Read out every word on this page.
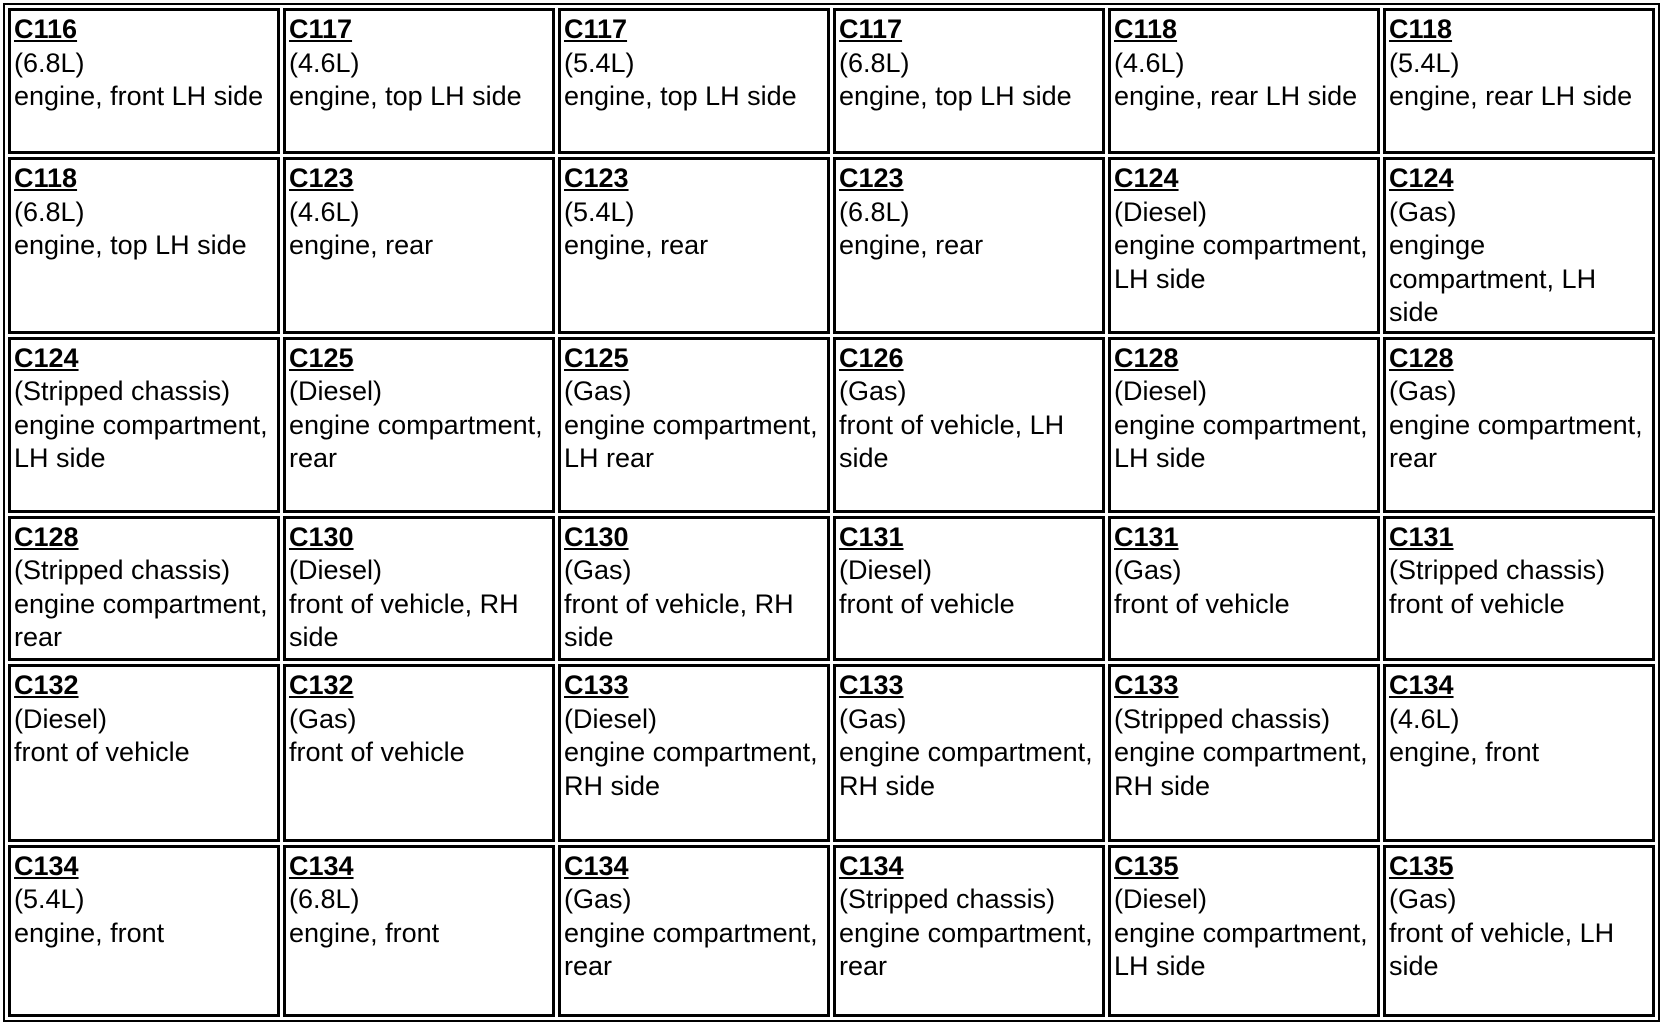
C116
(6.8L)
engine, front LH side	C117
(4.6L)
engine, top LH side	C117
(5.4L)
engine, top LH side	C117
(6.8L)
engine, top LH side	C118
(4.6L)
engine, rear LH side	C118
(5.4L)
engine, rear LH side

C118
(6.8L)
engine, top LH side	C123
(4.6L)
engine, rear	C123
(5.4L)
engine, rear	C123
(6.8L)
engine, rear	C124
(Diesel)
engine compartment, LH side	C124
(Gas)
enginge compartment, LH side

C124
(Stripped chassis)
engine compartment, LH side	C125
(Diesel)
engine compartment, rear	C125
(Gas)
engine compartment, LH rear	C126
(Gas)
front of vehicle, LH side	C128
(Diesel)
engine compartment, LH side	C128
(Gas)
engine compartment, rear

C128
(Stripped chassis)
engine compartment, rear	C130
(Diesel)
front of vehicle, RH side	C130
(Gas)
front of vehicle, RH side	C131
(Diesel)
front of vehicle	C131
(Gas)
front of vehicle	C131
(Stripped chassis)
front of vehicle

C132
(Diesel)
front of vehicle	C132
(Gas)
front of vehicle	C133
(Diesel)
engine compartment, RH side	C133
(Gas)
engine compartment, RH side	C133
(Stripped chassis)
engine compartment, RH side	C134
(4.6L)
engine, front

C134
(5.4L)
engine, front	C134
(6.8L)
engine, front	C134
(Gas)
engine compartment, rear	C134
(Stripped chassis)
engine compartment, rear	C135
(Diesel)
engine compartment, LH side	C135
(Gas)
front of vehicle, LH side
